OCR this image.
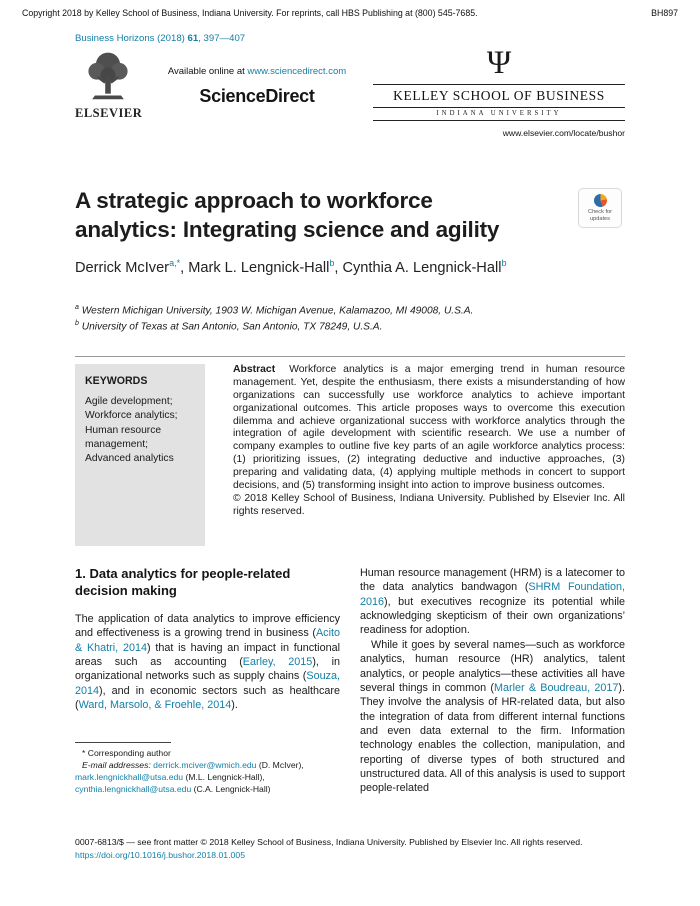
Copyright 2018 by Kelley School of Business, Indiana University. For reprints, call HBS Publishing at (800) 545-7685.	BH897
Business Horizons (2018) 61, 397—407
ELSEVIER
Available online at www.sciencedirect.com
ScienceDirect
Ψ
KELLEY SCHOOL OF BUSINESS
INDIANA UNIVERSITY
www.elsevier.com/locate/bushor
A strategic approach to workforce
analytics: Integrating science and agility
Check for updates
Derrick McIver$^{a,*}$, Mark L. Lengnick-Hall$^b$, Cynthia A. Lengnick-Hall$^b$
$^a$ Western Michigan University, 1903 W. Michigan Avenue, Kalamazoo, MI 49008, U.S.A.
$^b$ University of Texas at San Antonio, San Antonio, TX 78249, U.S.A.
KEYWORDS
Agile development;
Workforce analytics;
Human resource management;
Advanced analytics

Abstract Workforce analytics is a major emerging trend in human resource management. Yet, despite the enthusiasm, there exists a misunderstanding of how organizations can successfully use workforce analytics to achieve important organizational outcomes. This article proposes ways to overcome this execution dilemma and achieve organizational success with workforce analytics through the integration of agile development with scientific research. We use a number of company examples to outline five key parts of an agile workforce analytics process: (1) prioritizing issues, (2) integrating deductive and inductive approaches, (3) preparing and validating data, (4) applying multiple methods in concert to support decisions, and (5) transforming insight into action to improve business outcomes.

© 2018 Kelley School of Business, Indiana University. Published by Elsevier Inc. All rights reserved.
1. Data analytics for people-related decision making

The application of data analytics to improve efficiency and effectiveness is a growing trend in business (Acito & Khatri, 2014) that is having an impact in functional areas such as accounting (Earley, 2015), in organizational networks such as supply chains (Souza, 2014), and in economic sectors such as healthcare (Ward, Marsolo, & Froehle, 2014).

* Corresponding author
E-mail addresses: derrick.mciver@wmich.edu (D. McIver), mark.lengnickhall@utsa.edu (M.L. Lengnick-Hall), cynthia.lengnickhall@utsa.edu (C.A. Lengnick-Hall)

Human resource management (HRM) is a latecomer to the data analytics bandwagon (SHRM Foundation, 2016), but executives recognize its potential while acknowledging skepticism of their own organizations’ readiness for adoption.

While it goes by several names—such as workforce analytics, human resource (HR) analytics, talent analytics, or people analytics—these activities all have several things in common (Marler & Boudreau, 2017). They involve the analysis of HR-related data, but also the integration of data from different internal functions and even data external to the firm. Information technology enables the collection, manipulation, and reporting of diverse types of both structured and unstructured data. All of this analysis is used to support people-related

0007-6813/$ — see front matter © 2018 Kelley School of Business, Indiana University. Published by Elsevier Inc. All rights reserved.
https://doi.org/10.1016/j.bushor.2018.01.005
